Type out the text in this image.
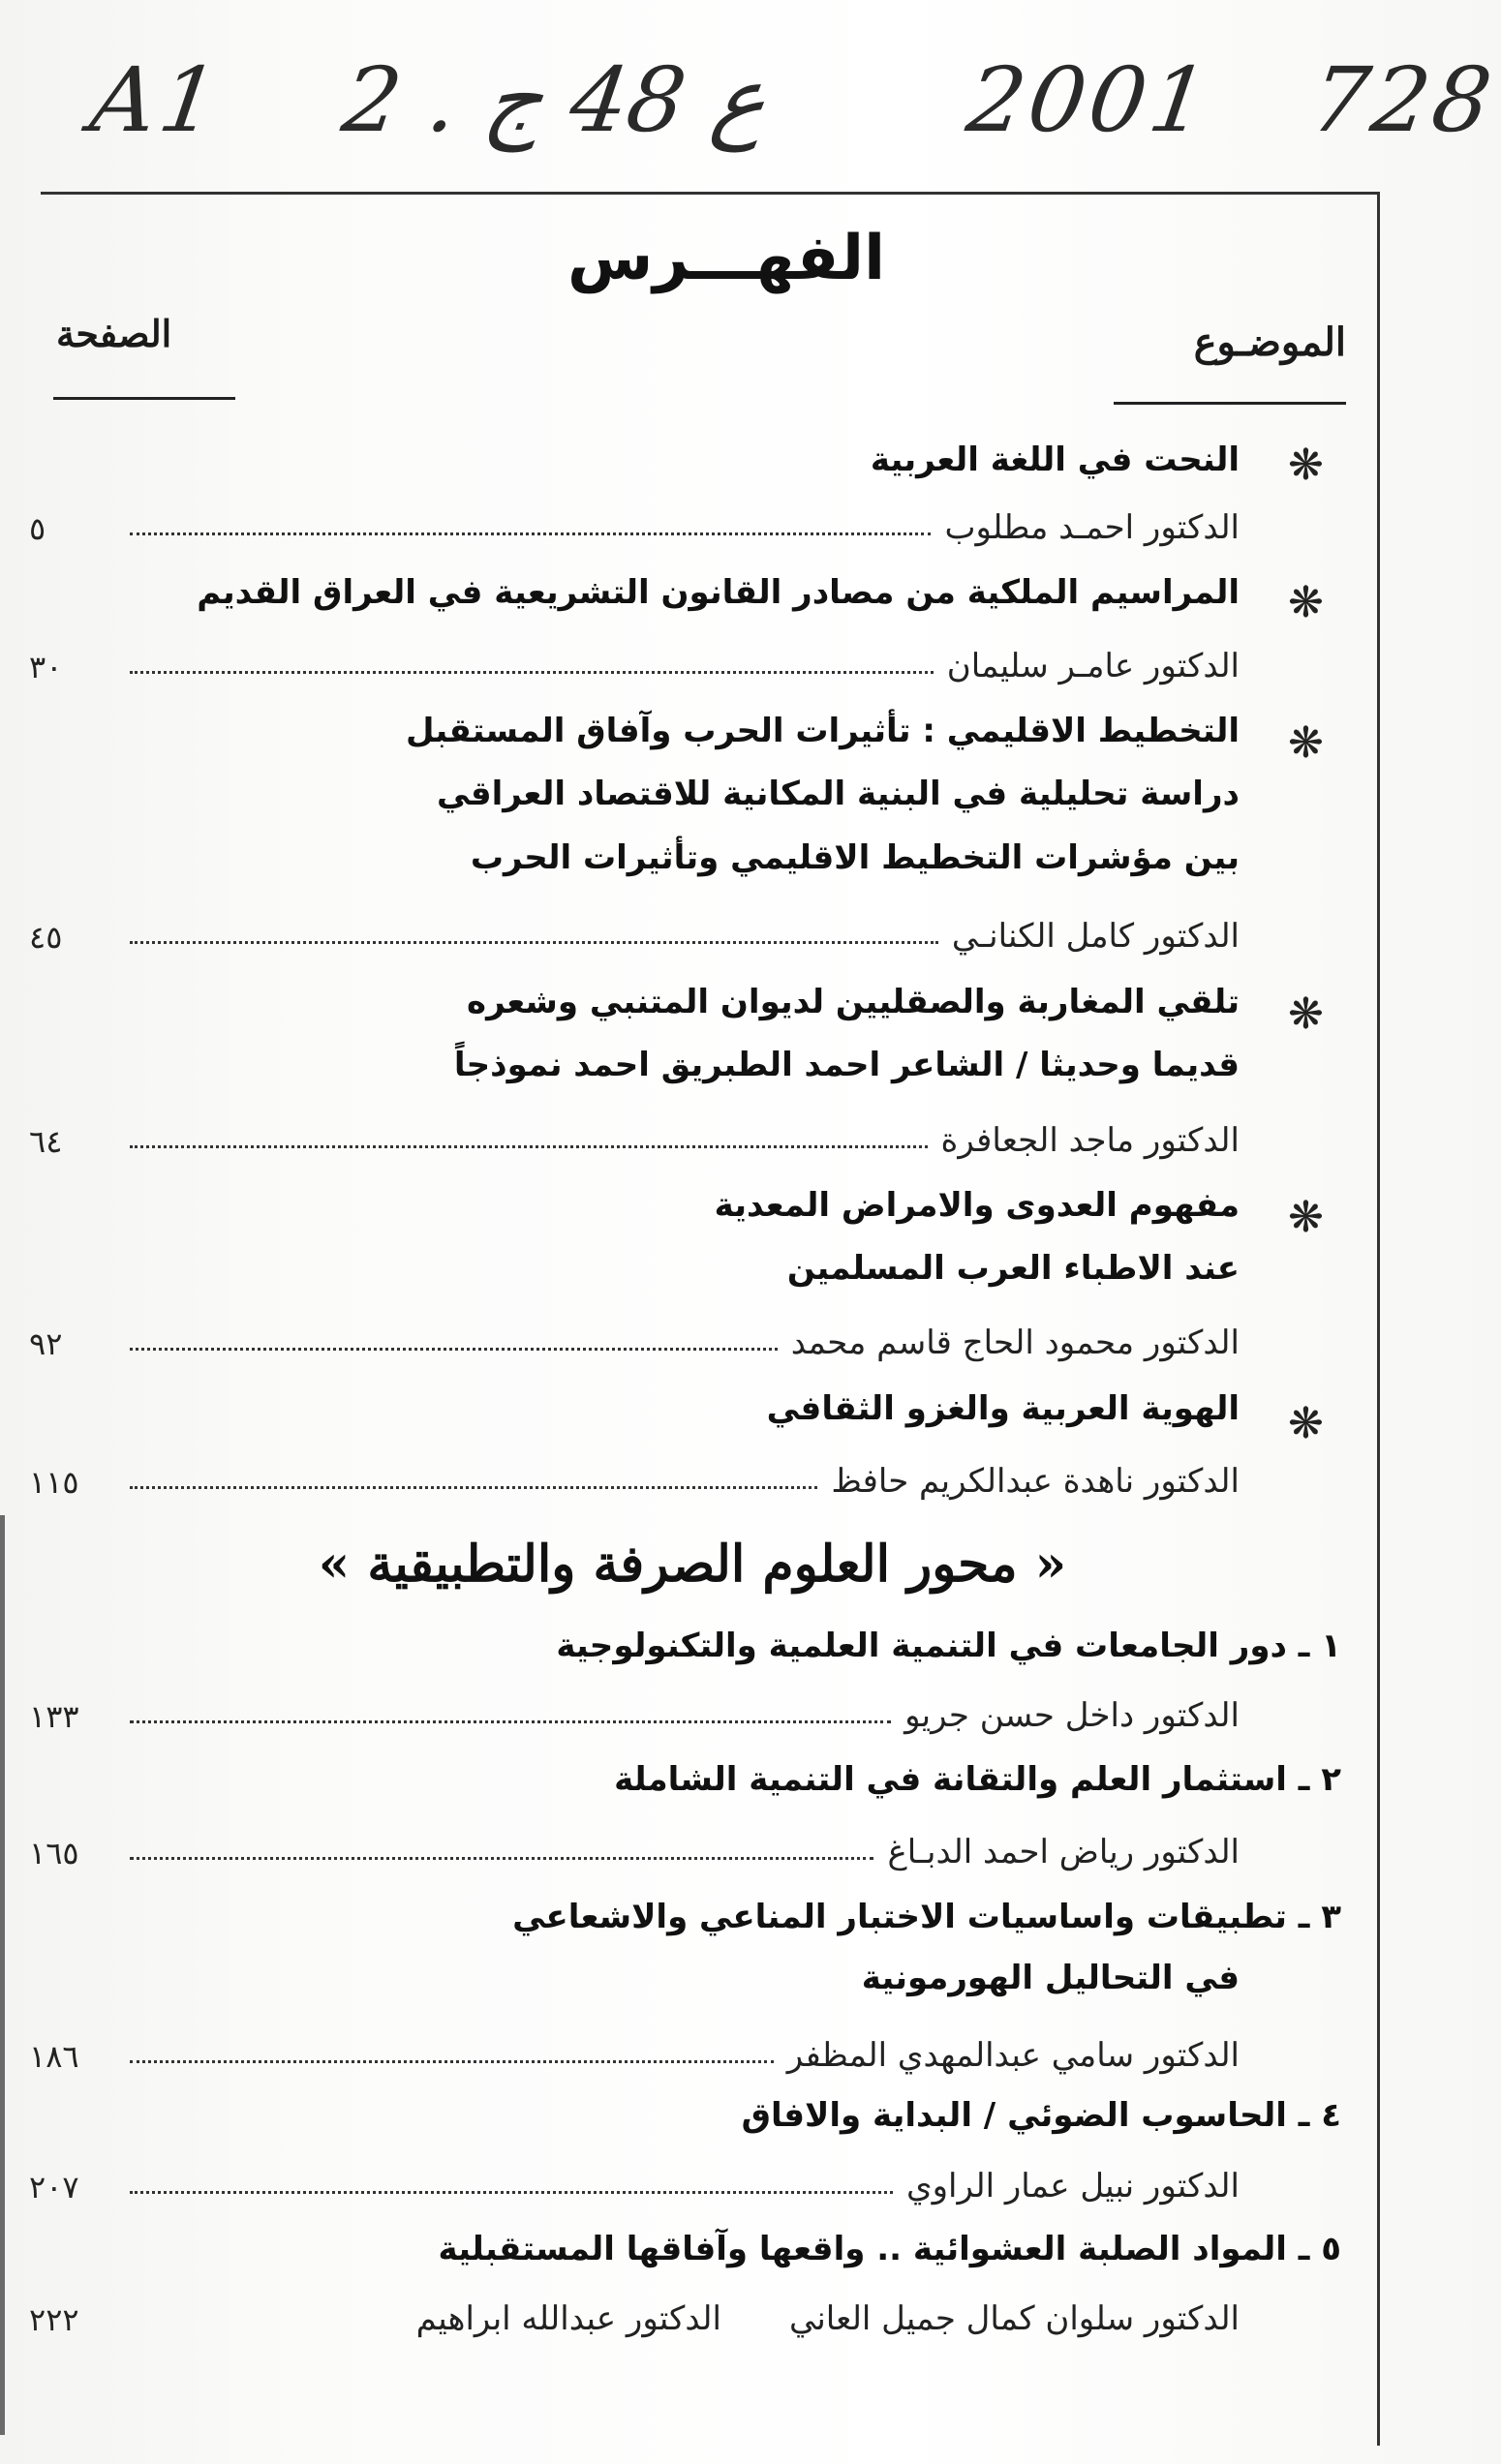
A1 2 . ع 48 ج 2001 728
الفهـــرس
الموضـوع
الصفحة
❋
النحت في اللغة العربية
الدكتور احمـد مطلوب
٥
❋
المراسيم الملكية من مصادر القانون التشريعية في العراق القديم
الدكتور عامـر سليمان
٣٠
❋
التخطيط الاقليمي : تأثيرات الحرب وآفاق المستقبل
دراسة تحليلية في البنية المكانية للاقتصاد العراقي
بين مؤشرات التخطيط الاقليمي وتأثيرات الحرب
الدكتور كامل الكنانـي
٤٥
❋
تلقي المغاربة والصقليين لديوان المتنبي وشعره
قديما وحديثا / الشاعر احمد الطبريق احمد نموذجاً
الدكتور ماجد الجعافرة
٦٤
❋
مفهوم العدوى والامراض المعدية
عند الاطباء العرب المسلمين
الدكتور محمود الحاج قاسم محمد
٩٢
❋
الهوية العربية والغزو الثقافي
الدكتور ناهدة عبدالكريم حافظ
١١٥
« محور العلوم الصرفة والتطبيقية »
١ ـ دور الجامعات في التنمية العلمية والتكنولوجية
الدكتور داخل حسن جريو
١٣٣
٢ ـ استثمار العلم والتقانة في التنمية الشاملة
الدكتور رياض احمد الدبـاغ
١٦٥
٣ ـ تطبيقات واساسيات الاختبار المناعي والاشعاعي
في التحاليل الهورمونية
الدكتور سامي عبدالمهدي المظفر
١٨٦
٤ ـ الحاسوب الضوئي / البداية والافاق
الدكتور نبيل عمار الراوي
٢٠٧
٥ ـ المواد الصلبة العشوائية .. واقعها وآفاقها المستقبلية
الدكتور سلوان كمال جميل العاني
الدكتور عبدالله ابراهيم
٢٢٢
